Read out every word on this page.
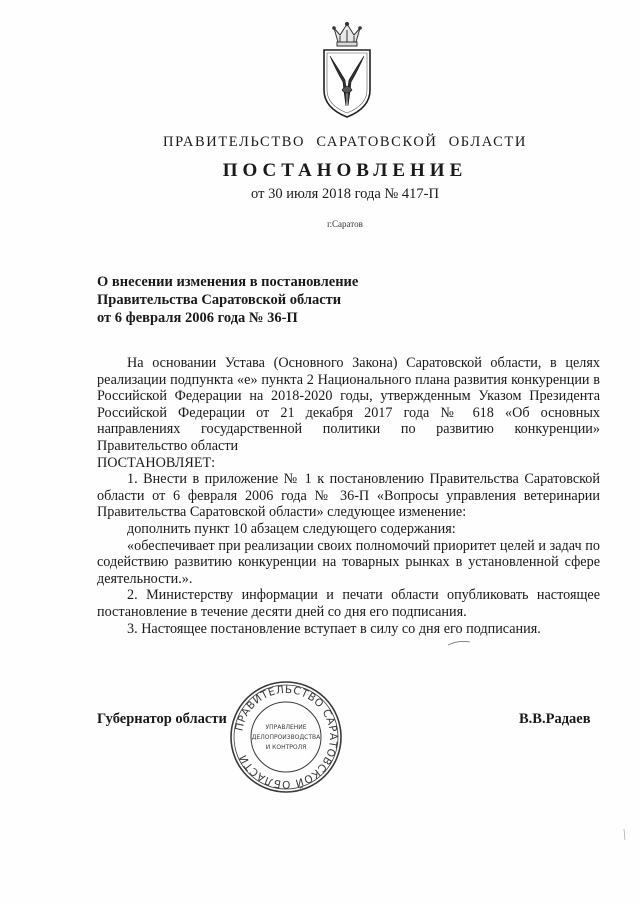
ПРАВИТЕЛЬСТВО САРАТОВСКОЙ ОБЛАСТИ
ПОСТАНОВЛЕНИЕ
от 30 июля 2018 года № 417-П
г.Саратов
О внесении изменения в постановление
Правительства Саратовской области
от 6 февраля 2006 года № 36-П

На основании Устава (Основного Закона) Саратовской области, в целях реализации подпункта «е» пункта 2 Национального плана развития конкуренции в Российской Федерации на 2018-2020 годы, утвержденным Указом Президента Российской Федерации от 21 декабря 2017 года № 618 «Об основных направлениях государственной политики по развитию конкуренции» Правительство области

ПОСТАНОВЛЯЕТ:

1. Внести в приложение № 1 к постановлению Правительства Саратовской области от 6 февраля 2006 года № 36-П «Вопросы управления ветеринарии Правительства Саратовской области» следующее изменение:

дополнить пункт 10 абзацем следующего содержания:

«обеспечивает при реализации своих полномочий приоритет целей и задач по содействию развитию конкуренции на товарных рынках в установленной сфере деятельности.».

2. Министерству информации и печати области опубликовать настоящее постановление в течение десяти дней со дня его подписания.

3. Настоящее постановление вступает в силу со дня его подписания.

Губернатор области	В.В.Радаев
ПРАВИТЕЛЬСТВО САРАТОВСКОЙ ОБЛАСТИ
УПРАВЛЕНИЕ
ДЕЛОПРОИЗВОДСТВА
И КОНТРОЛЯ
